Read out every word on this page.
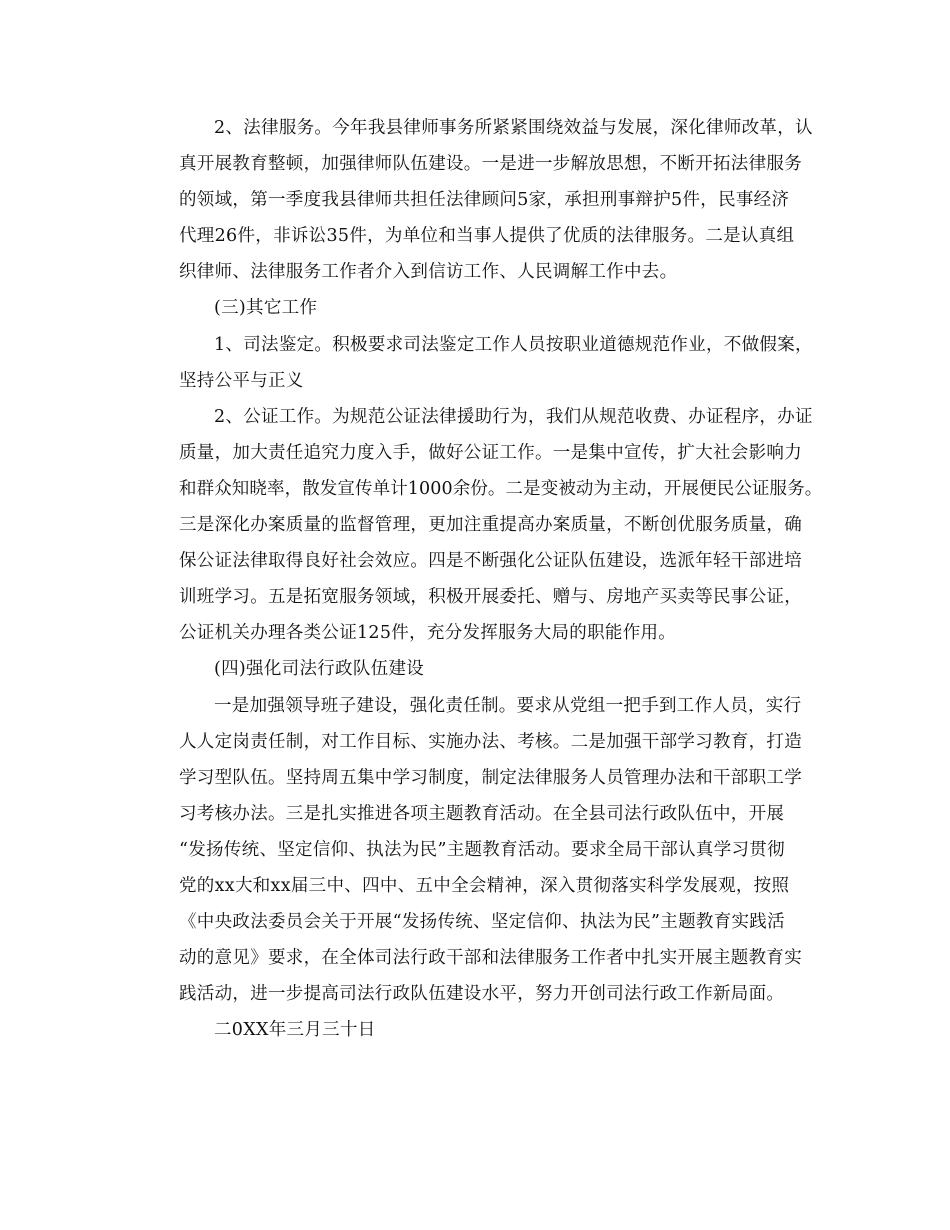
2、法律服务。今年我县律师事务所紧紧围绕效益与发展，深化律师改革，认
真开展教育整顿，加强律师队伍建设。一是进一步解放思想，不断开拓法律服务
的领域，第一季度我县律师共担任法律顾问5家，承担刑事辩护5件，民事经济
代理26件，非诉讼35件，为单位和当事人提供了优质的法律服务。二是认真组
织律师、法律服务工作者介入到信访工作、人民调解工作中去。
(三)其它工作
1、司法鉴定。积极要求司法鉴定工作人员按职业道德规范作业，不做假案，
坚持公平与正义
2、公证工作。为规范公证法律援助行为，我们从规范收费、办证程序，办证
质量，加大责任追究力度入手，做好公证工作。一是集中宣传，扩大社会影响力
和群众知晓率，散发宣传单计1000余份。二是变被动为主动，开展便民公证服务。
三是深化办案质量的监督管理，更加注重提高办案质量，不断创优服务质量，确
保公证法律取得良好社会效应。四是不断强化公证队伍建设，选派年轻干部进培
训班学习。五是拓宽服务领域，积极开展委托、赠与、房地产买卖等民事公证，
公证机关办理各类公证125件，充分发挥服务大局的职能作用。
(四)强化司法行政队伍建设
一是加强领导班子建设，强化责任制。要求从党组一把手到工作人员，实行
人人定岗责任制，对工作目标、实施办法、考核。二是加强干部学习教育，打造
学习型队伍。坚持周五集中学习制度，制定法律服务人员管理办法和干部职工学
习考核办法。三是扎实推进各项主题教育活动。在全县司法行政队伍中，开展
“发扬传统、坚定信仰、执法为民”主题教育活动。要求全局干部认真学习贯彻
党的xx大和xx届三中、四中、五中全会精神，深入贯彻落实科学发展观，按照
《中央政法委员会关于开展“发扬传统、坚定信仰、执法为民”主题教育实践活
动的意见》要求，在全体司法行政干部和法律服务工作者中扎实开展主题教育实
践活动，进一步提高司法行政队伍建设水平，努力开创司法行政工作新局面。
二0XX年三月三十日
